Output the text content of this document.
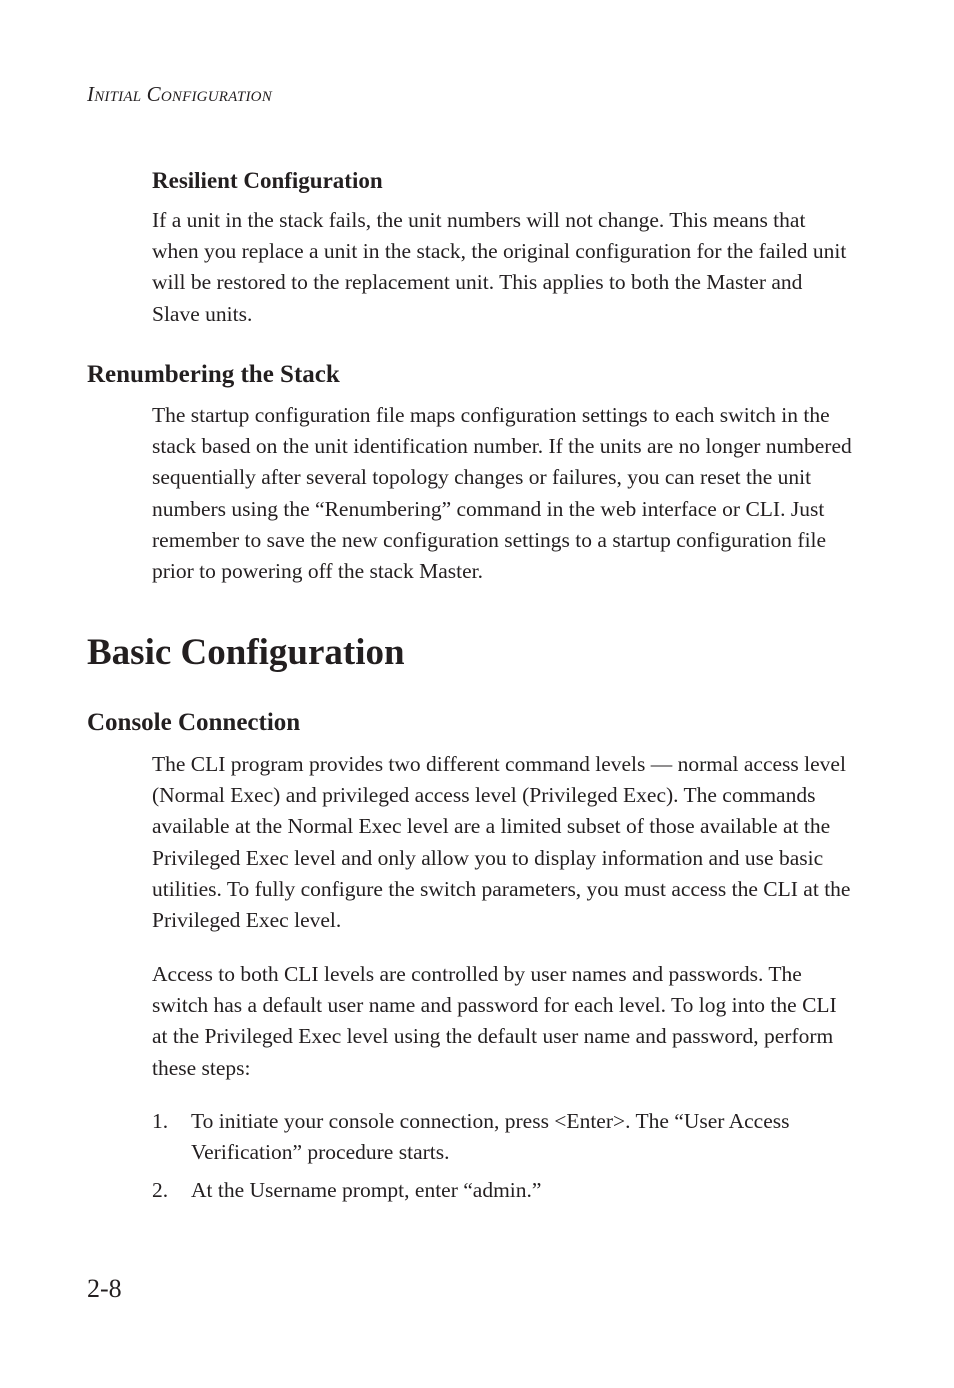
Initial Configuration
Resilient Configuration

If a unit in the stack fails, the unit numbers will not change. This means that when you replace a unit in the stack, the original configuration for the failed unit will be restored to the replacement unit. This applies to both the Master and Slave units.

Renumbering the Stack

The startup configuration file maps configuration settings to each switch in the stack based on the unit identification number. If the units are no longer numbered sequentially after several topology changes or failures, you can reset the unit numbers using the “Renumbering” command in the web interface or CLI. Just remember to save the new configuration settings to a startup configuration file prior to powering off the stack Master.

Basic Configuration
Console Connection

The CLI program provides two different command levels — normal access level (Normal Exec) and privileged access level (Privileged Exec). The commands available at the Normal Exec level are a limited subset of those available at the Privileged Exec level and only allow you to display information and use basic utilities. To fully configure the switch parameters, you must access the CLI at the Privileged Exec level.

Access to both CLI levels are controlled by user names and passwords. The switch has a default user name and password for each level. To log into the CLI at the Privileged Exec level using the default user name and password, perform these steps:

1. To initiate your console connection, press <Enter>. The “User Access Verification” procedure starts.
2. At the Username prompt, enter “admin.”
2-8
